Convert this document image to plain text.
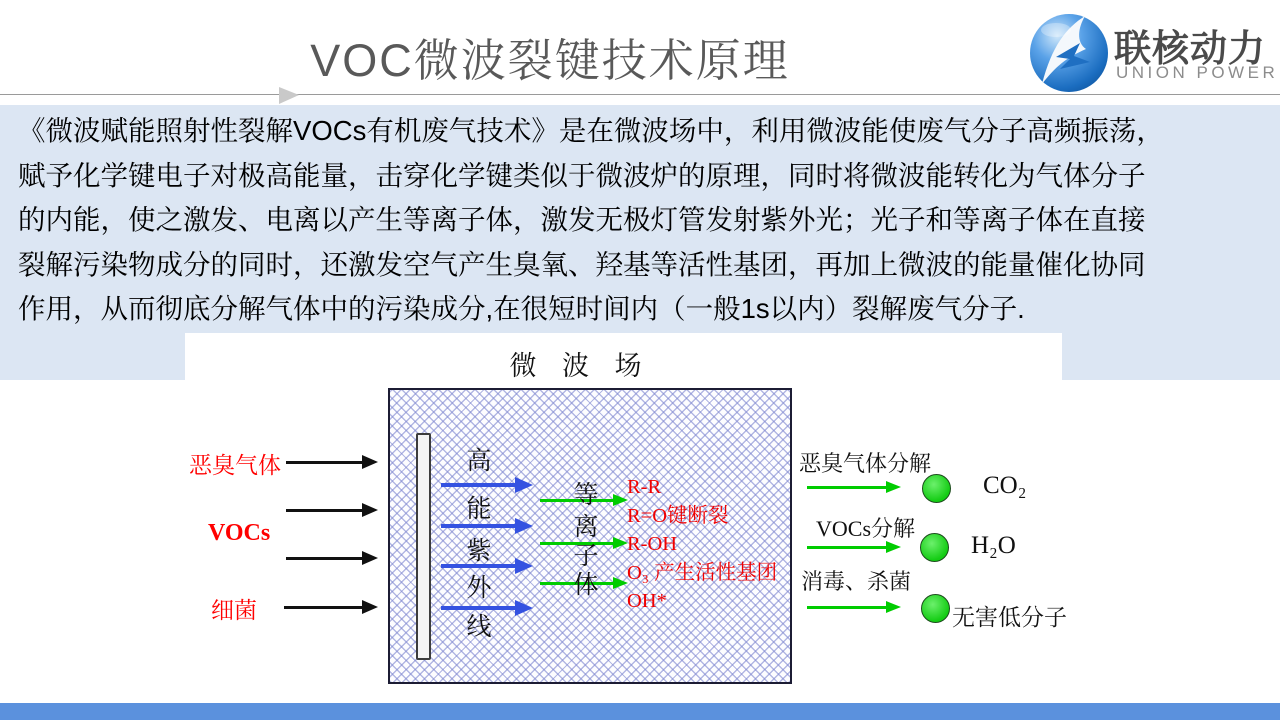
VOC微波裂键技术原理	联核动力
UNION POWER
《微波赋能照射性裂解VOCs有机废气技术》是在微波场中，利用微波能使废气分子高频振荡，
赋予化学键电子对极高能量，击穿化学键类似于微波炉的原理，同时将微波能转化为气体分子
的内能，使之激发、电离以产生等离子体，激发无极灯管发射紫外光；光子和等离子体在直接
裂解污染物成分的同时，还激发空气产生臭氧、羟基等活性基团，再加上微波的能量催化协同
作用，从而彻底分解气体中的污染成分,在很短时间内（一般1s以内）裂解废气分子.
微 波 场
恶臭气体
VOCs
细菌
高
能
紫
外
线
等
离
子
体
R-R
R=O键断裂
R-OH
O₃ 产生活性基团
OH*
恶臭气体分解
VOCs分解
消毒、杀菌
CO₂
H₂O
无害低分子
